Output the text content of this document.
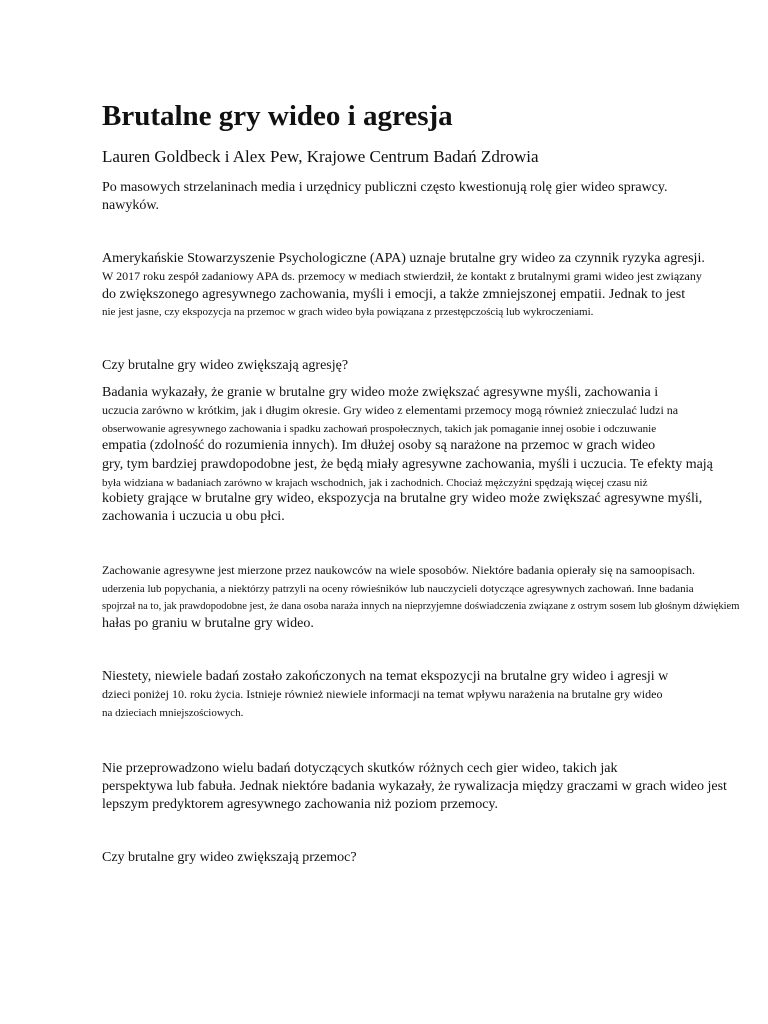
Brutalne gry wideo i agresja

Lauren Goldbeck i Alex Pew, Krajowe Centrum Badań Zdrowia

Po masowych strzelaninach media i urzędnicy publiczni często kwestionują rolę gier wideo sprawcy.

nawyków.

Amerykańskie Stowarzyszenie Psychologiczne (APA) uznaje brutalne gry wideo za czynnik ryzyka agresji.

W 2017 roku zespół zadaniowy APA ds. przemocy w mediach stwierdził, że kontakt z brutalnymi grami wideo jest związany

do zwiększonego agresywnego zachowania, myśli i emocji, a także zmniejszonej empatii. Jednak to jest

nie jest jasne, czy ekspozycja na przemoc w grach wideo była powiązana z przestępczością lub wykroczeniami.

Czy brutalne gry wideo zwiększają agresję?

Badania wykazały, że granie w brutalne gry wideo może zwiększać agresywne myśli, zachowania i

uczucia zarówno w krótkim, jak i długim okresie. Gry wideo z elementami przemocy mogą również znieczulać ludzi na

obserwowanie agresywnego zachowania i spadku zachowań prospołecznych, takich jak pomaganie innej osobie i odczuwanie

empatia (zdolność do rozumienia innych). Im dłużej osoby są narażone na przemoc w grach wideo

gry, tym bardziej prawdopodobne jest, że będą miały agresywne zachowania, myśli i uczucia. Te efekty mają

była widziana w badaniach zarówno w krajach wschodnich, jak i zachodnich. Chociaż mężczyźni spędzają więcej czasu niż

kobiety grające w brutalne gry wideo, ekspozycja na brutalne gry wideo może zwiększać agresywne myśli,

zachowania i uczucia u obu płci.

Zachowanie agresywne jest mierzone przez naukowców na wiele sposobów. Niektóre badania opierały się na samoopisach.

uderzenia lub popychania, a niektórzy patrzyli na oceny rówieśników lub nauczycieli dotyczące agresywnych zachowań. Inne badania

spojrzał na to, jak prawdopodobne jest, że dana osoba naraża innych na nieprzyjemne doświadczenia związane z ostrym sosem lub głośnym dźwiękiem

hałas po graniu w brutalne gry wideo.

Niestety, niewiele badań zostało zakończonych na temat ekspozycji na brutalne gry wideo i agresji w

dzieci poniżej 10. roku życia. Istnieje również niewiele informacji na temat wpływu narażenia na brutalne gry wideo

na dzieciach mniejszościowych.

Nie przeprowadzono wielu badań dotyczących skutków różnych cech gier wideo, takich jak

perspektywa lub fabuła. Jednak niektóre badania wykazały, że rywalizacja między graczami w grach wideo jest

lepszym predyktorem agresywnego zachowania niż poziom przemocy.

Czy brutalne gry wideo zwiększają przemoc?
